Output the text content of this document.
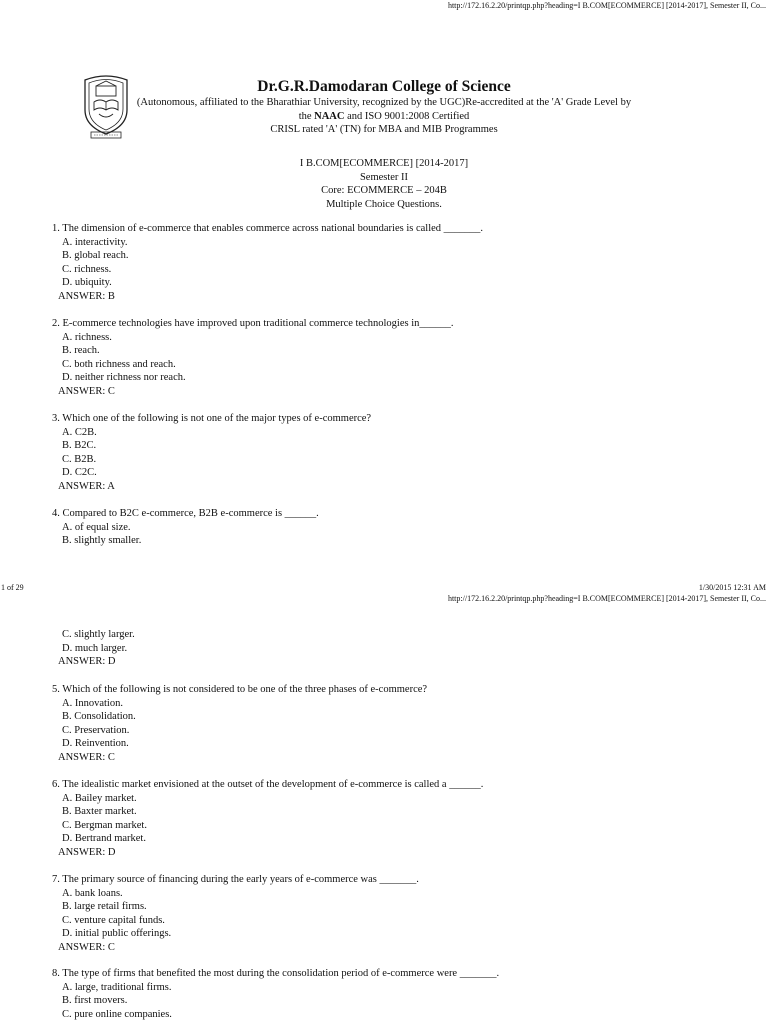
http://172.16.2.20/printqp.php?heading=I B.COM[ECOMMERCE] [2014-2017], Semester II, Co...
Dr.G.R.Damodaran College of Science
(Autonomous, affiliated to the Bharathiar University, recognized by the UGC)Re-accredited at the 'A' Grade Level by
the NAAC and ISO 9001:2008 Certified
CRISL rated 'A' (TN) for MBA and MIB Programmes
I B.COM[ECOMMERCE] [2014-2017]
Semester II
Core: ECOMMERCE – 204B
Multiple Choice Questions.
1. The dimension of e-commerce that enables commerce across national boundaries is called _______.
A. interactivity.
B. global reach.
C. richness.
D. ubiquity.
ANSWER: B
2. E-commerce technologies have improved upon traditional commerce technologies in______.
A. richness.
B. reach.
C. both richness and reach.
D. neither richness nor reach.
ANSWER: C
3. Which one of the following is not one of the major types of e-commerce?
A. C2B.
B. B2C.
C. B2B.
D. C2C.
ANSWER: A
4. Compared to B2C e-commerce, B2B e-commerce is ______.
A. of equal size.
B. slightly smaller.
1 of 29	1/30/2015 12:31 AM
http://172.16.2.20/printqp.php?heading=I B.COM[ECOMMERCE] [2014-2017], Semester II, Co...
C. slightly larger.
D. much larger.
ANSWER: D
5. Which of the following is not considered to be one of the three phases of e-commerce?
A. Innovation.
B. Consolidation.
C. Preservation.
D. Reinvention.
ANSWER: C
6. The idealistic market envisioned at the outset of the development of e-commerce is called a ______.
A. Bailey market.
B. Baxter market.
C. Bergman market.
D. Bertrand market.
ANSWER: D
7. The primary source of financing during the early years of e-commerce was _______.
A. bank loans.
B. large retail firms.
C. venture capital funds.
D. initial public offerings.
ANSWER: C
8. The type of firms that benefited the most during the consolidation period of e-commerce were _______.
A. large, traditional firms.
B. first movers.
C. pure online companies.
